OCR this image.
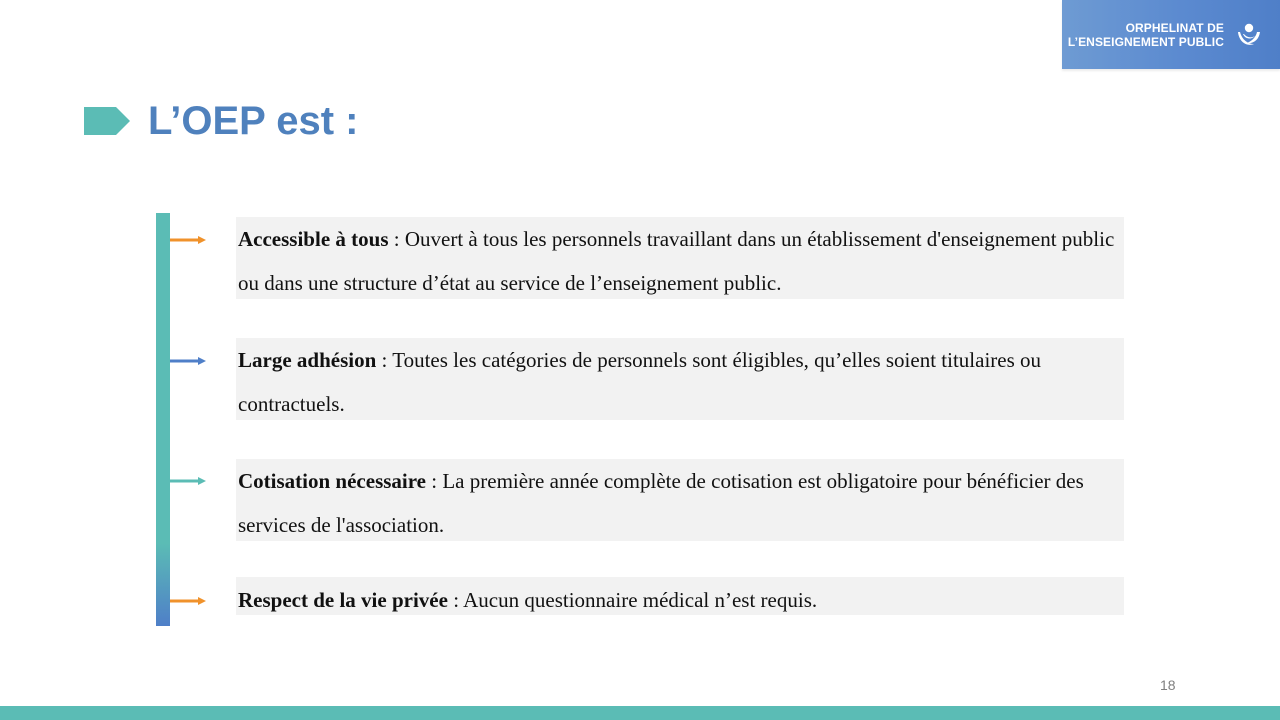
ORPHELINAT DE
L’ENSEIGNEMENT PUBLIC
L’OEP est :
Accessible à tous : Ouvert à tous les personnels travaillant dans un établissement d'enseignement public ou dans une structure d’état au service de l’enseignement public.
Large adhésion : Toutes les catégories de personnels sont éligibles, qu’elles soient titulaires ou contractuels.
Cotisation nécessaire : La première année complète de cotisation est obligatoire pour bénéficier des services de l'association.
Respect de la vie privée : Aucun questionnaire médical n’est requis.
18
